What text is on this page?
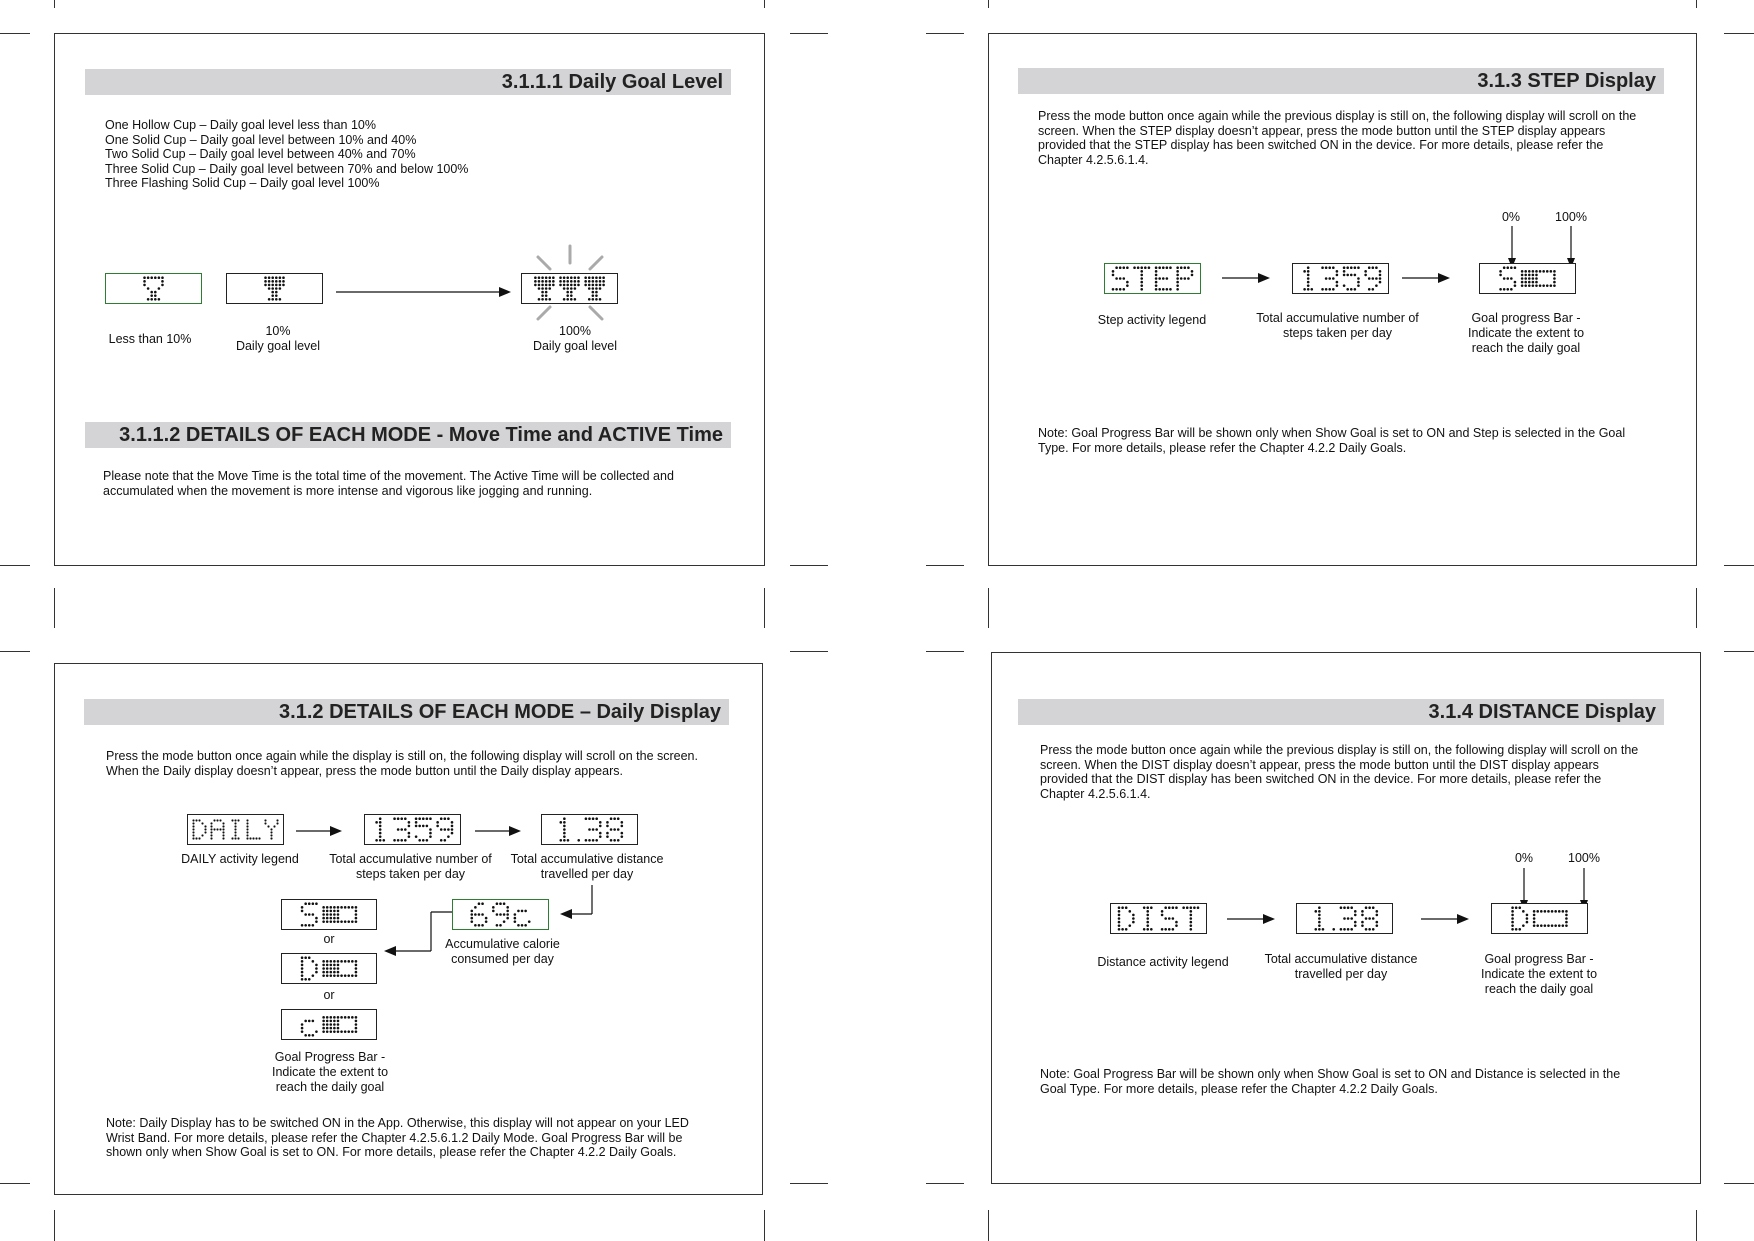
3.1.1.1 Daily Goal Level
One Hollow Cup – Daily goal level less than 10%
One Solid Cup – Daily goal level between 10% and 40%
Two Solid Cup – Daily goal level between 40% and 70%
Three Solid Cup – Daily goal level between 70% and below 100%
Three Flashing Solid Cup – Daily goal level 100%
Less than 10%
10%
Daily goal level
100%
Daily goal level
3.1.1.2 DETAILS OF EACH MODE - Move Time and ACTIVE Time
Please note that the Move Time is the total time of the movement. The Active Time will be collected and accumulated when the movement is more intense and vigorous like jogging and running.
3.1.3 STEP Display
Press the mode button once again while the previous display is still on, the following display will scroll on the screen. When the STEP display doesn’t appear, press the mode button until the STEP display appears provided that the STEP display has been switched ON in the device. For more details, please refer the Chapter 4.2.5.6.1.4.
0%	100%
Step activity legend	Total accumulative number of steps taken per day
Goal progress Bar - Indicate the extent to reach the daily goal
Note: Goal Progress Bar will be shown only when Show Goal is set to ON and Step is selected in the Goal Type. For more details, please refer the Chapter 4.2.2 Daily Goals.
3.1.2 DETAILS OF EACH MODE – Daily Display
Press the mode button once again while the display is still on, the following display will scroll on the screen. When the Daily display doesn’t appear, press the mode button until the Daily display appears.
DAILY activity legend	Total accumulative number of steps taken per day
Total accumulative distance travelled per day
Accumulative calorie consumed per day
or
or
Goal Progress Bar - Indicate the extent to reach the daily goal
Note: Daily Display has to be switched ON in the App. Otherwise, this display will not appear on your LED Wrist Band. For more details, please refer the Chapter 4.2.5.6.1.2 Daily Mode. Goal Progress Bar will be shown only when Show Goal is set to ON. For more details, please refer the Chapter 4.2.2 Daily Goals.
3.1.4 DISTANCE Display
Press the mode button once again while the previous display is still on, the following display will scroll on the screen. When the DIST display doesn’t appear, press the mode button until the DIST display appears provided that the DIST display has been switched ON in the device. For more details, please refer the Chapter 4.2.5.6.1.4.
0%	100%
Distance activity legend	Total accumulative distance travelled per day
Goal progress Bar - Indicate the extent to reach the daily goal
Note: Goal Progress Bar will be shown only when Show Goal is set to ON and Distance is selected in the Goal Type. For more details, please refer the Chapter 4.2.2 Daily Goals.
